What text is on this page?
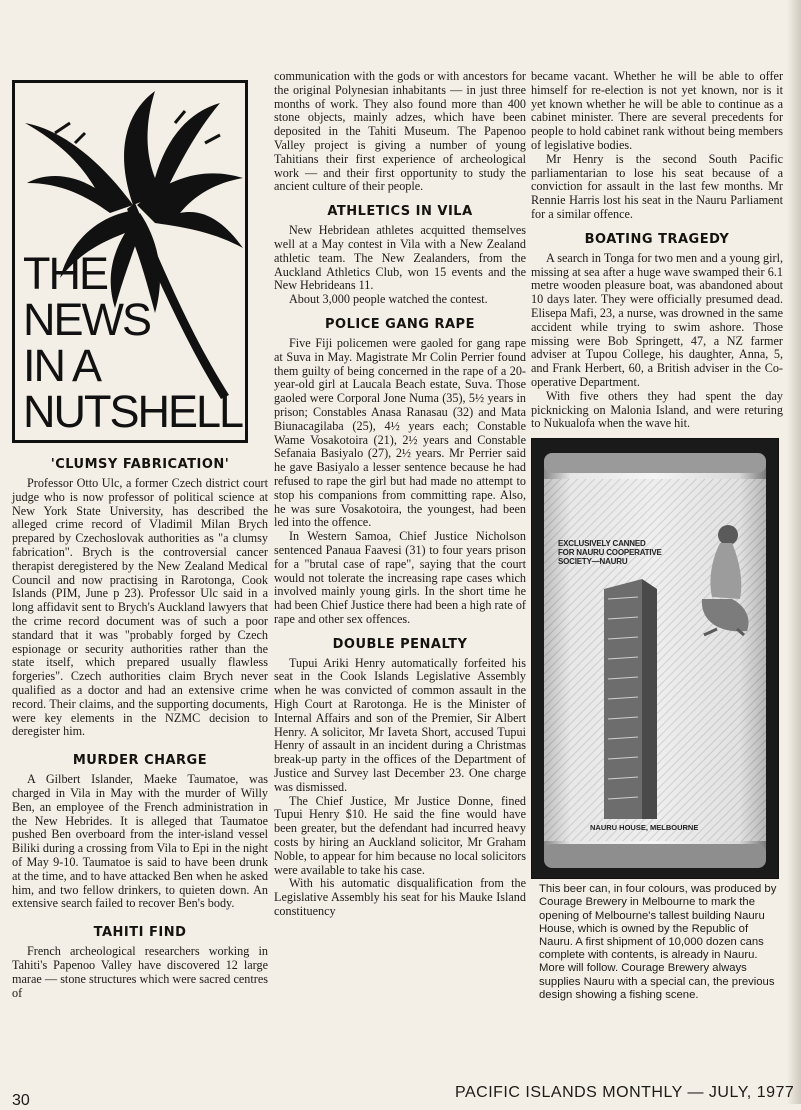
THE
NEWS
IN A
NUTSHELL
'CLUMSY FABRICATION'

Professor Otto Ulc, a former Czech district court judge who is now professor of political science at New York State University, has described the alleged crime record of Vladimil Milan Brych prepared by Czechoslovak authorities as "a clumsy fabrication". Brych is the controversial cancer therapist deregistered by the New Zealand Medical Council and now practising in Rarotonga, Cook Islands (PIM, June p 23). Professor Ulc said in a long affidavit sent to Brych's Auckland lawyers that the crime record document was of such a poor standard that it was "probably forged by Czech espionage or security authorities rather than the state itself, which prepared usually flawless forgeries". Czech authorities claim Brych never qualified as a doctor and had an extensive crime record. Their claims, and the supporting documents, were key elements in the NZMC decision to deregister him.

MURDER CHARGE

A Gilbert Islander, Maeke Taumatoe, was charged in Vila in May with the murder of Willy Ben, an employee of the French administration in the New Hebrides. It is alleged that Taumatoe pushed Ben overboard from the inter-island vessel Biliki during a crossing from Vila to Epi in the night of May 9-10. Taumatoe is said to have been drunk at the time, and to have attacked Ben when he asked him, and two fellow drinkers, to quieten down. An extensive search failed to recover Ben's body.

TAHITI FIND

French archeological researchers working in Tahiti's Papenoo Valley have discovered 12 large marae — stone structures which were sacred centres of

communication with the gods or with ancestors for the original Polynesian inhabitants — in just three months of work. They also found more than 400 stone objects, mainly adzes, which have been deposited in the Tahiti Museum. The Papenoo Valley project is giving a number of young Tahitians their first experience of archeological work — and their first opportunity to study the ancient culture of their people.

ATHLETICS IN VILA

New Hebridean athletes acquitted themselves well at a May contest in Vila with a New Zealand athletic team. The New Zealanders, from the Auckland Athletics Club, won 15 events and the New Hebrideans 11.

About 3,000 people watched the contest.

POLICE GANG RAPE

Five Fiji policemen were gaoled for gang rape at Suva in May. Magistrate Mr Colin Perrier found them guilty of being concerned in the rape of a 20-year-old girl at Laucala Beach estate, Suva. Those gaoled were Corporal Jone Numa (35), 5½ years in prison; Constables Anasa Ranasau (32) and Mata Biunacagilaba (25), 4½ years each; Constable Wame Vosakotoira (21), 2½ years and Constable Sefanaia Basiyalo (27), 2½ years. Mr Perrier said he gave Basiyalo a lesser sentence because he had refused to rape the girl but had made no attempt to stop his companions from committing rape. Also, he was sure Vosakotoira, the youngest, had been led into the offence.

In Western Samoa, Chief Justice Nicholson sentenced Panaua Faavesi (31) to four years prison for a "brutal case of rape", saying that the court would not tolerate the increasing rape cases which involved mainly young girls. In the short time he had been Chief Justice there had been a high rate of rape and other sex offences.

DOUBLE PENALTY

Tupui Ariki Henry automatically forfeited his seat in the Cook Islands Legislative Assembly when he was convicted of common assault in the High Court at Rarotonga. He is the Minister of Internal Affairs and son of the Premier, Sir Albert Henry. A solicitor, Mr Iaveta Short, accused Tupui Henry of assault in an incident during a Christmas break-up party in the offices of the Department of Justice and Survey last December 23. One charge was dismissed.

The Chief Justice, Mr Justice Donne, fined Tupui Henry $10. He said the fine would have been greater, but the defendant had incurred heavy costs by hiring an Auckland solicitor, Mr Graham Noble, to appear for him because no local solicitors were available to take his case.

With his automatic disqualification from the Legislative Assembly his seat for his Mauke Island constituency

became vacant. Whether he will be able to offer himself for re-election is not yet known, nor is it yet known whether he will be able to continue as a cabinet minister. There are several precedents for people to hold cabinet rank without being members of legislative bodies.

Mr Henry is the second South Pacific parliamentarian to lose his seat because of a conviction for assault in the last few months. Mr Rennie Harris lost his seat in the Nauru Parliament for a similar offence.

BOATING TRAGEDY

A search in Tonga for two men and a young girl, missing at sea after a huge wave swamped their 6.1 metre wooden pleasure boat, was abandoned about 10 days later. They were officially presumed dead. Elisepa Mafi, 23, a nurse, was drowned in the same accident while trying to swim ashore. Those missing were Bob Springett, 47, a NZ farmer adviser at Tupou College, his daughter, Anna, 5, and Frank Herbert, 60, a British adviser in the Co-operative Department.

With five others they had spent the day picknicking on Malonia Island, and were returing to Nukualofa when the wave hit.

EXCLUSIVELY CANNED
FOR NAURU COOPERATIVE
SOCIETY—NAURU
NAURU HOUSE, MELBOURNE

This beer can, in four colours, was produced by Courage Brewery in Melbourne to mark the opening of Melbourne's tallest building Nauru House, which is owned by the Republic of Nauru. A first shipment of 10,000 dozen cans complete with contents, is already in Nauru. More will follow. Courage Brewery always supplies Nauru with a special can, the previous design showing a fishing scene.

30	PACIFIC ISLANDS MONTHLY — JULY, 1977
